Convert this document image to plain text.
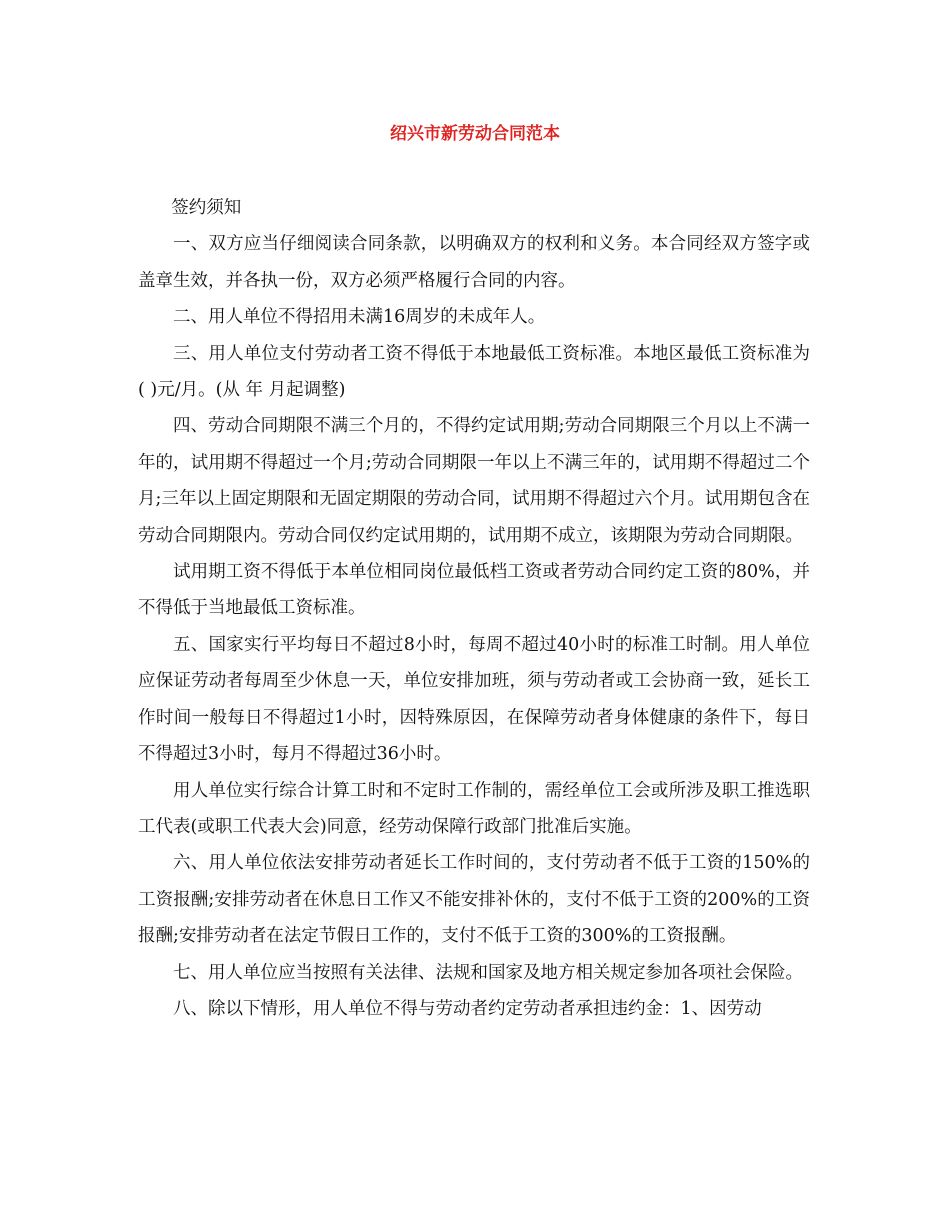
绍兴市新劳动合同范本

签约须知

一、双方应当仔细阅读合同条款，以明确双方的权利和义务。本合同经双方签字或盖章生效，并各执一份，双方必须严格履行合同的内容。

二、用人单位不得招用未满16周岁的未成年人。

三、用人单位支付劳动者工资不得低于本地最低工资标准。本地区最低工资标准为 ( )元/月。(从 年 月起调整)

四、劳动合同期限不满三个月的，不得约定试用期;劳动合同期限三个月以上不满一年的，试用期不得超过一个月;劳动合同期限一年以上不满三年的，试用期不得超过二个月;三年以上固定期限和无固定期限的劳动合同，试用期不得超过六个月。试用期包含在劳动合同期限内。劳动合同仅约定试用期的，试用期不成立，该期限为劳动合同期限。

试用期工资不得低于本单位相同岗位最低档工资或者劳动合同约定工资的80%，并不得低于当地最低工资标准。

五、国家实行平均每日不超过8小时，每周不超过40小时的标准工时制。用人单位应保证劳动者每周至少休息一天，单位安排加班，须与劳动者或工会协商一致，延长工作时间一般每日不得超过1小时，因特殊原因，在保障劳动者身体健康的条件下，每日不得超过3小时，每月不得超过36小时。

用人单位实行综合计算工时和不定时工作制的，需经单位工会或所涉及职工推选职工代表(或职工代表大会)同意，经劳动保障行政部门批准后实施。

六、用人单位依法安排劳动者延长工作时间的，支付劳动者不低于工资的150%的工资报酬;安排劳动者在休息日工作又不能安排补休的，支付不低于工资的200%的工资报酬;安排劳动者在法定节假日工作的，支付不低于工资的300%的工资报酬。

七、用人单位应当按照有关法律、法规和国家及地方相关规定参加各项社会保险。

八、除以下情形，用人单位不得与劳动者约定劳动者承担违约金：1、因劳动
